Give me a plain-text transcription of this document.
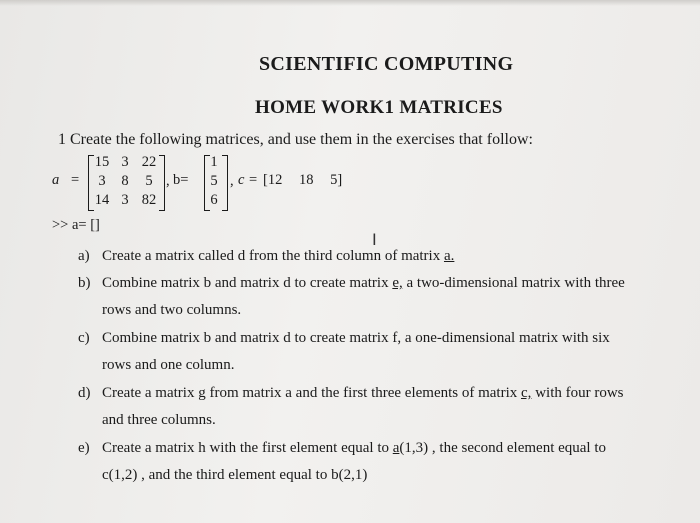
SCIENTIFIC COMPUTING
HOME WORK1 MATRICES
1 Create the following matrices, and use them in the exercises that follow:
a =
15 3 22
3	8	5
14 3 82
, b=
1
5
6
, c = [12 18 5]
>> a= []
I
a) Create a matrix called d from the third column of matrix a.
b) Combine matrix b and matrix d to create matrix e, a two-dimensional matrix with three
rows and two columns.
c) Combine matrix b and matrix d to create matrix f, a one-dimensional matrix with six
rows and one column.
d) Create a matrix g from matrix a and the first three elements of matrix c, with four rows
and three columns.
e) Create a matrix h with the first element equal to a(1,3) , the second element equal to
c(1,2) , and the third element equal to b(2,1)
